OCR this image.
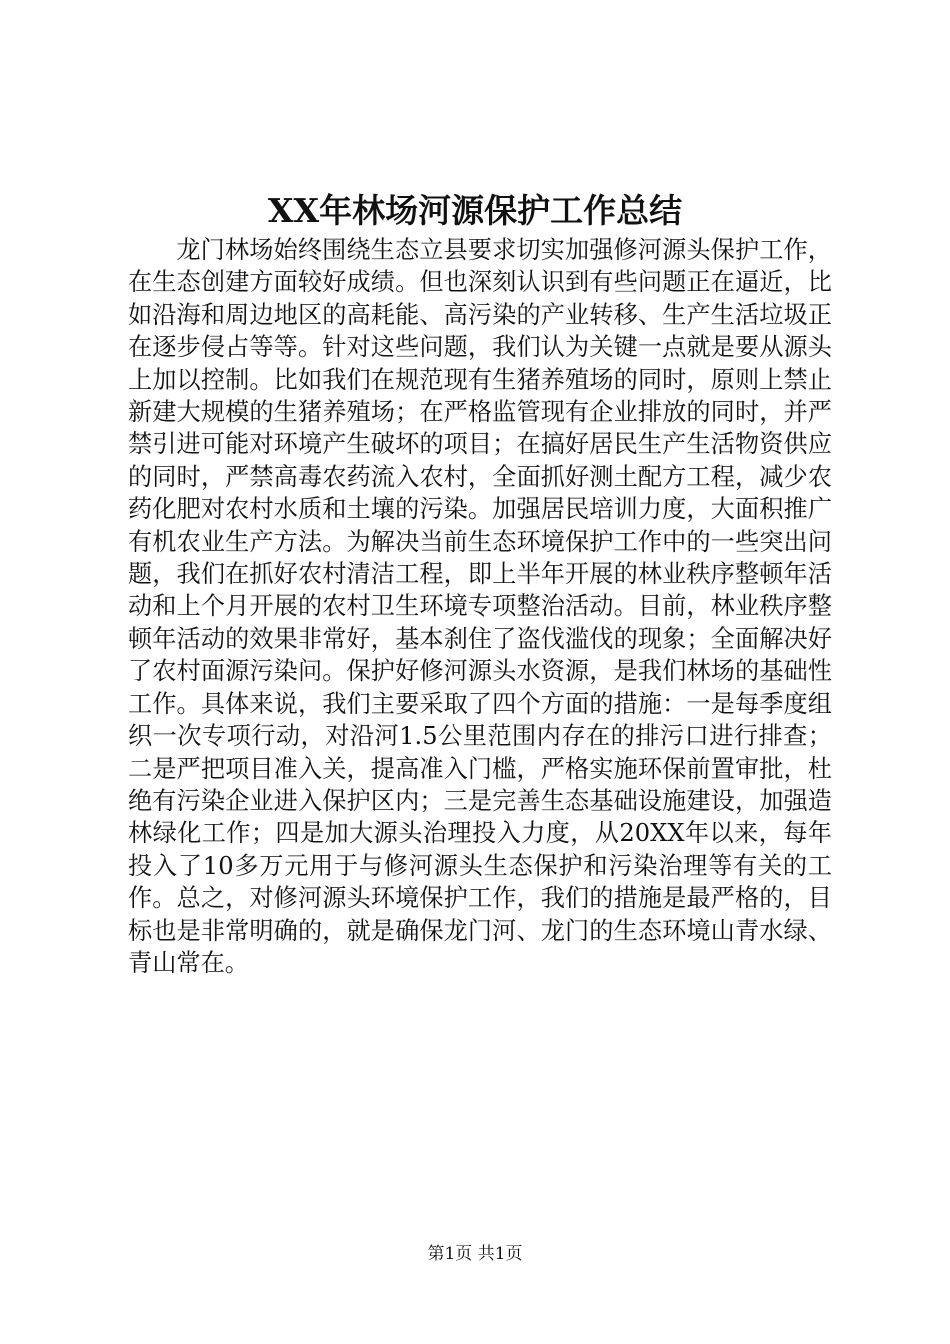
XX年林场河源保护工作总结

龙门林场始终围绕生态立县要求切实加强修河源头保护工作，在生态创建方面较好成绩。但也深刻认识到有些问题正在逼近，比如沿海和周边地区的高耗能、高污染的产业转移、生产生活垃圾正在逐步侵占等等。针对这些问题，我们认为关键一点就是要从源头上加以控制。比如我们在规范现有生猪养殖场的同时，原则上禁止新建大规模的生猪养殖场；在严格监管现有企业排放的同时，并严禁引进可能对环境产生破坏的项目；在搞好居民生产生活物资供应的同时，严禁高毒农药流入农村，全面抓好测土配方工程，减少农药化肥对农村水质和土壤的污染。加强居民培训力度，大面积推广有机农业生产方法。为解决当前生态环境保护工作中的一些突出问题，我们在抓好农村清洁工程，即上半年开展的林业秩序整顿年活动和上个月开展的农村卫生环境专项整治活动。目前，林业秩序整顿年活动的效果非常好，基本刹住了盗伐滥伐的现象；全面解决好了农村面源污染问。保护好修河源头水资源，是我们林场的基础性工作。具体来说，我们主要采取了四个方面的措施：一是每季度组织一次专项行动，对沿河1.5公里范围内存在的排污口进行排查；二是严把项目准入关，提高准入门槛，严格实施环保前置审批，杜绝有污染企业进入保护区内；三是完善生态基础设施建设，加强造林绿化工作；四是加大源头治理投入力度，从20XX年以来，每年投入了10多万元用于与修河源头生态保护和污染治理等有关的工作。总之，对修河源头环境保护工作，我们的措施是最严格的，目标也是非常明确的，就是确保龙门河、龙门的生态环境山青水绿、青山常在。

第1页 共1页
